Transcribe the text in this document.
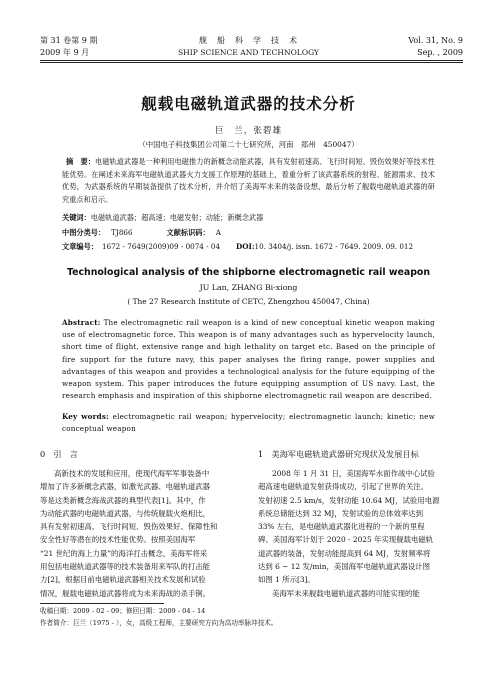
第 31 卷第 9 期
2009 年 9 月
舰　船　科　学　技　术
SHIP SCIENCE AND TECHNOLOGY
Vol. 31, No. 9
Sep. , 2009
舰载电磁轨道武器的技术分析
巨　兰，张碧雄
（中国电子科技集团公司第二十七研究所，河南　郑州　450047）
摘　要：电磁轨道武器是一种利用电磁推力的新概念动能武器，具有发射初速高、飞行时间短、毁伤效果好等技术性能优势。在阐述未来海军电磁轨道武器火力支援工作原理的基础上，着重分析了该武器系统的射程、能源需求、技术优势，为武器系统的早期装备提供了技术分析，并介绍了美海军未来的装备设想，最后分析了舰载电磁轨道武器的研究重点和启示。
关键词：电磁轨道武器；超高速；电磁发射；动能；新概念武器
中图分类号： TJ866	文献标识码： A
文章编号： 1672 - 7649(2009)09 - 0074 - 04 DOI:10. 3404/j. issn. 1672 - 7649. 2009. 09. 012
Technological analysis of the shipborne electromagnetic rail weapon
JU Lan, ZHANG Bi-xiong
( The 27 Research Institute of CETC, Zhengzhou 450047, China)
Abstract: The electromagnetic rail weapon is a kind of new conceptual kinetic weapon making use of electromagnetic force. This weapon is of many advantages such as hypervelocity launch, short time of flight, extensive range and high lethality on target etc. Based on the principle of fire support for the future navy, this paper analyses the firing range, power supplies and advantages of this weapon and provides a technological analysis for the future equipping of the weapon system. This paper introduces the future equipping assumption of US navy. Last, the research emphasis and inspiration of this shipborne electromagnetic rail weapon are described.
Key words: electromagnetic rail weapon; hypervelocity; electromagnetic launch; kinetic; new conceptual weapon
0　引　言
高新技术的发展和应用，使现代海军军事装备中
增加了许多新概念武器，如激光武器、电磁轨道武器
等是这类新概念海战武器的典型代表[1]。其中，作
为动能武器的电磁轨道武器，与传统舰载火炮相比，
具有发射初速高、飞行时间短、毁伤效果好、保障性和
安全性好等潜在的技术性能优势。按照美国海军
“21 世纪的海上力量”的海洋打击概念，美海军将采
用包括电磁轨道武器等的技术装备用来军队的打击能
力[2]，根据目前电磁轨道武器相关技术发展和试验
情况，舰载电磁轨道武器将成为未来海战的杀手锏。
1　美海军电磁轨道武器研究现状及发展目标
2008 年 1 月 31 日，美国海军水面作战中心试验
超高速电磁轨道发射获得成功，引起了世界的关注。
发射初速 2.5 km/s，发射动能 10.64 MJ，试验用电源
系统总储能达到 32 MJ，发射试验的总体效率达到
33% 左右，是电磁轨道武器化进程的一个新的里程
碑。美国海军计划于 2020 - 2025 年实现舰载电磁轨
道武器的装备，发射动能提高到 64 MJ，发射频率将
达到 6 ~ 12 发/min，美国海军电磁轨道武器设计图
如图 1 所示[3]。
美海军未来舰载电磁轨道武器的可能实现的能
收稿日期：2009 - 02 - 09；修回日期：2009 - 04 - 14
作者简介：巨兰（1975 - ），女，高级工程师，主要研究方向为高功率脉冲技术。
